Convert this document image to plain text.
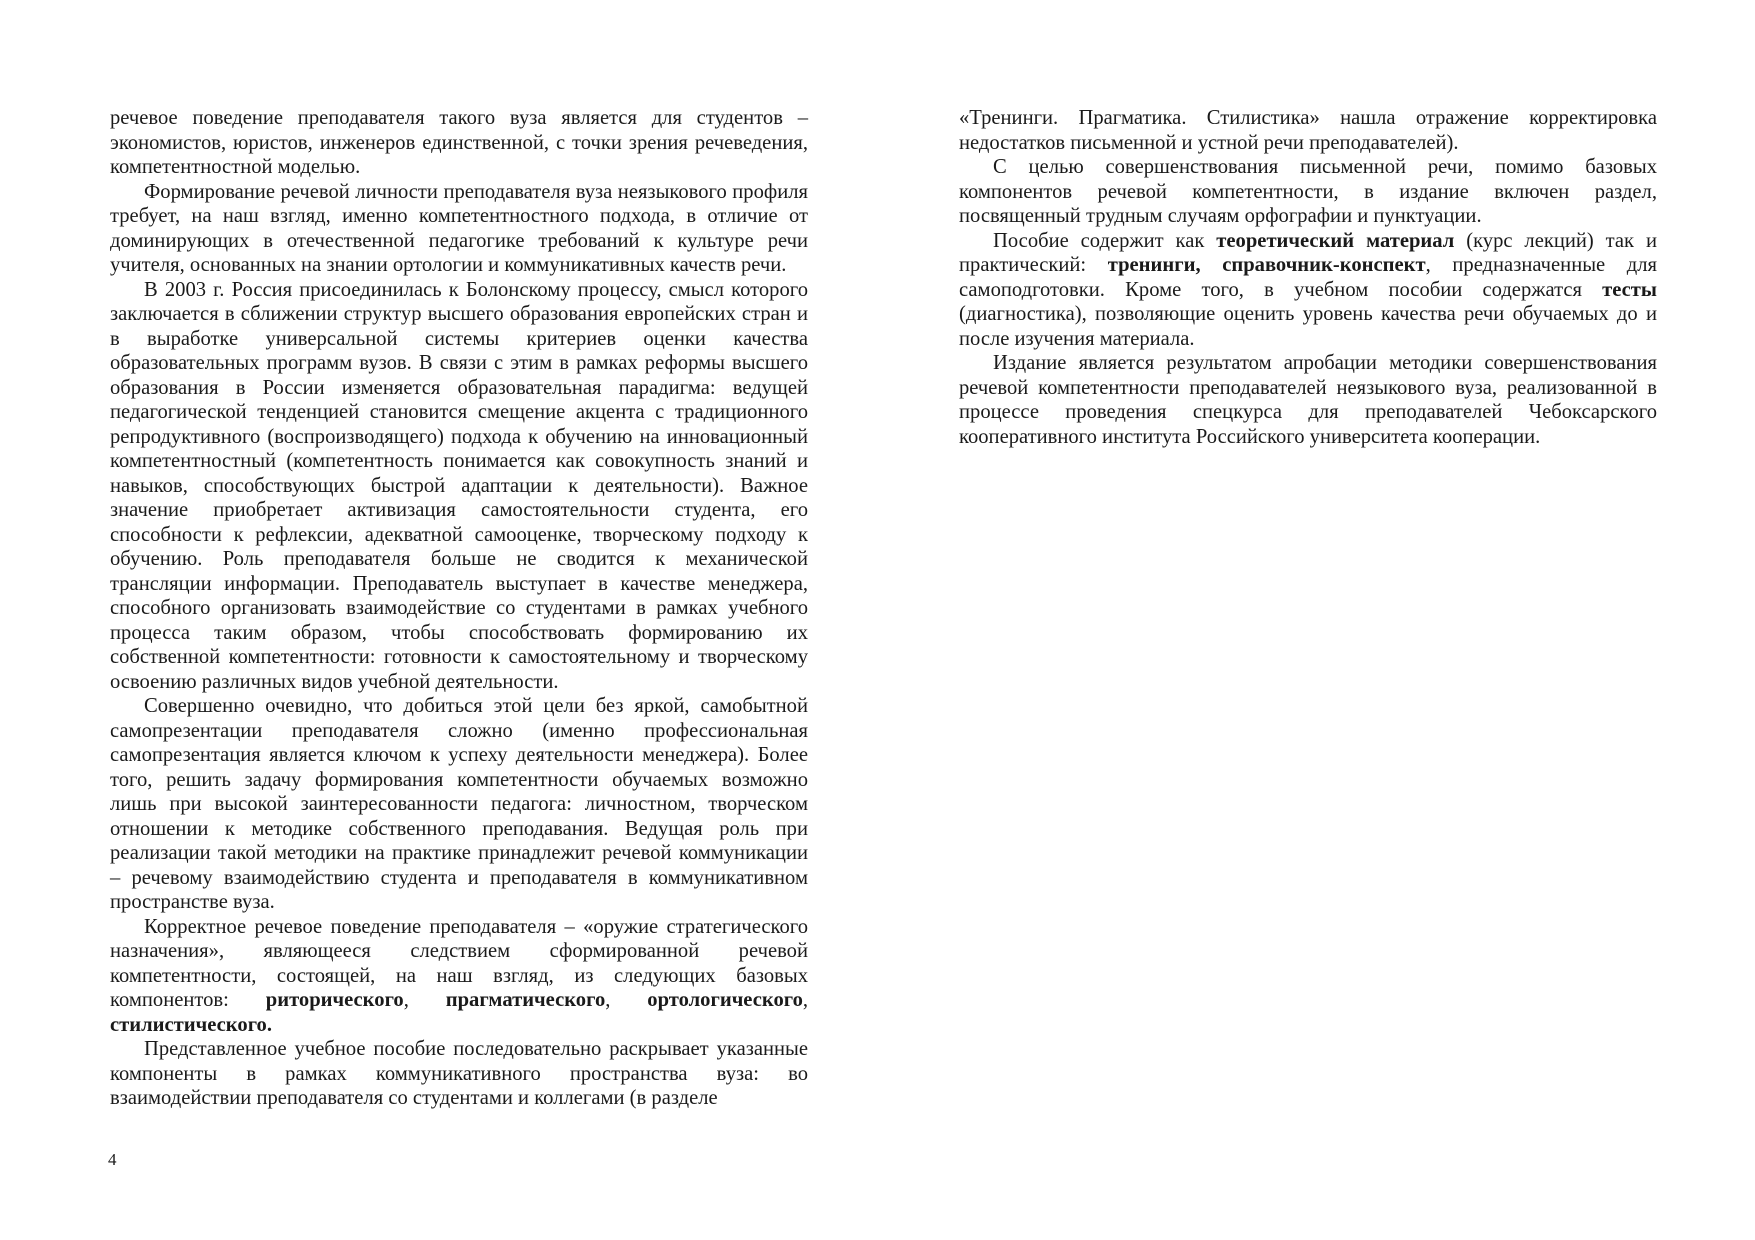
речевое поведение преподавателя такого вуза является для студентов – экономистов, юристов, инженеров единственной, с точки зрения речеведения, компетентностной моделью.

Формирование речевой личности преподавателя вуза неязыкового профиля требует, на наш взгляд, именно компетентностного подхода, в отличие от доминирующих в отечественной педагогике требований к культуре речи учителя, основанных на знании ортологии и коммуникативных качеств речи.

В 2003 г. Россия присоединилась к Болонскому процессу, смысл которого заключается в сближении структур высшего образования европейских стран и в выработке универсальной системы критериев оценки качества образовательных программ вузов. В связи с этим в рамках реформы высшего образования в России изменяется образовательная парадигма: ведущей педагогической тенденцией становится смещение акцента с традиционного репродуктивного (воспроизводящего) подхода к обучению на инновационный компетентностный (компетентность понимается как совокупность знаний и навыков, способствующих быстрой адаптации к деятельности). Важное значение приобретает активизация самостоятельности студента, его способности к рефлексии, адекватной самооценке, творческому подходу к обучению. Роль преподавателя больше не сводится к механической трансляции информации. Преподаватель выступает в качестве менеджера, способного организовать взаимодействие со студентами в рамках учебного процесса таким образом, чтобы способствовать формированию их собственной компетентности: готовности к самостоятельному и творческому освоению различных видов учебной деятельности.

Совершенно очевидно, что добиться этой цели без яркой, самобытной самопрезентации преподавателя сложно (именно профессиональная самопрезентация является ключом к успеху деятельности менеджера). Более того, решить задачу формирования компетентности обучаемых возможно лишь при высокой заинтересованности педагога: личностном, творческом отношении к методике собственного преподавания. Ведущая роль при реализации такой методики на практике принадлежит речевой коммуникации – речевому взаимодействию студента и преподавателя в коммуникативном пространстве вуза.

Корректное речевое поведение преподавателя – «оружие стратегического назначения», являющееся следствием сформированной речевой компетентности, состоящей, на наш взгляд, из следующих базовых компонентов: риторического, прагматического, ортологического, стилистического.

Представленное учебное пособие последовательно раскрывает указанные компоненты в рамках коммуникативного пространства вуза: во взаимодействии преподавателя со студентами и коллегами (в разделе

«Тренинги. Прагматика. Стилистика» нашла отражение корректировка недостатков письменной и устной речи преподавателей).

С целью совершенствования письменной речи, помимо базовых компонентов речевой компетентности, в издание включен раздел, посвященный трудным случаям орфографии и пунктуации.

Пособие содержит как теоретический материал (курс лекций) так и практический: тренинги, справочник-конспект, предназначенные для самоподготовки. Кроме того, в учебном пособии содержатся тесты (диагностика), позволяющие оценить уровень качества речи обучаемых до и после изучения материала.

Издание является результатом апробации методики совершенствования речевой компетентности преподавателей неязыкового вуза, реализованной в процессе проведения спецкурса для преподавателей Чебоксарского кооперативного института Российского университета кооперации.

4
